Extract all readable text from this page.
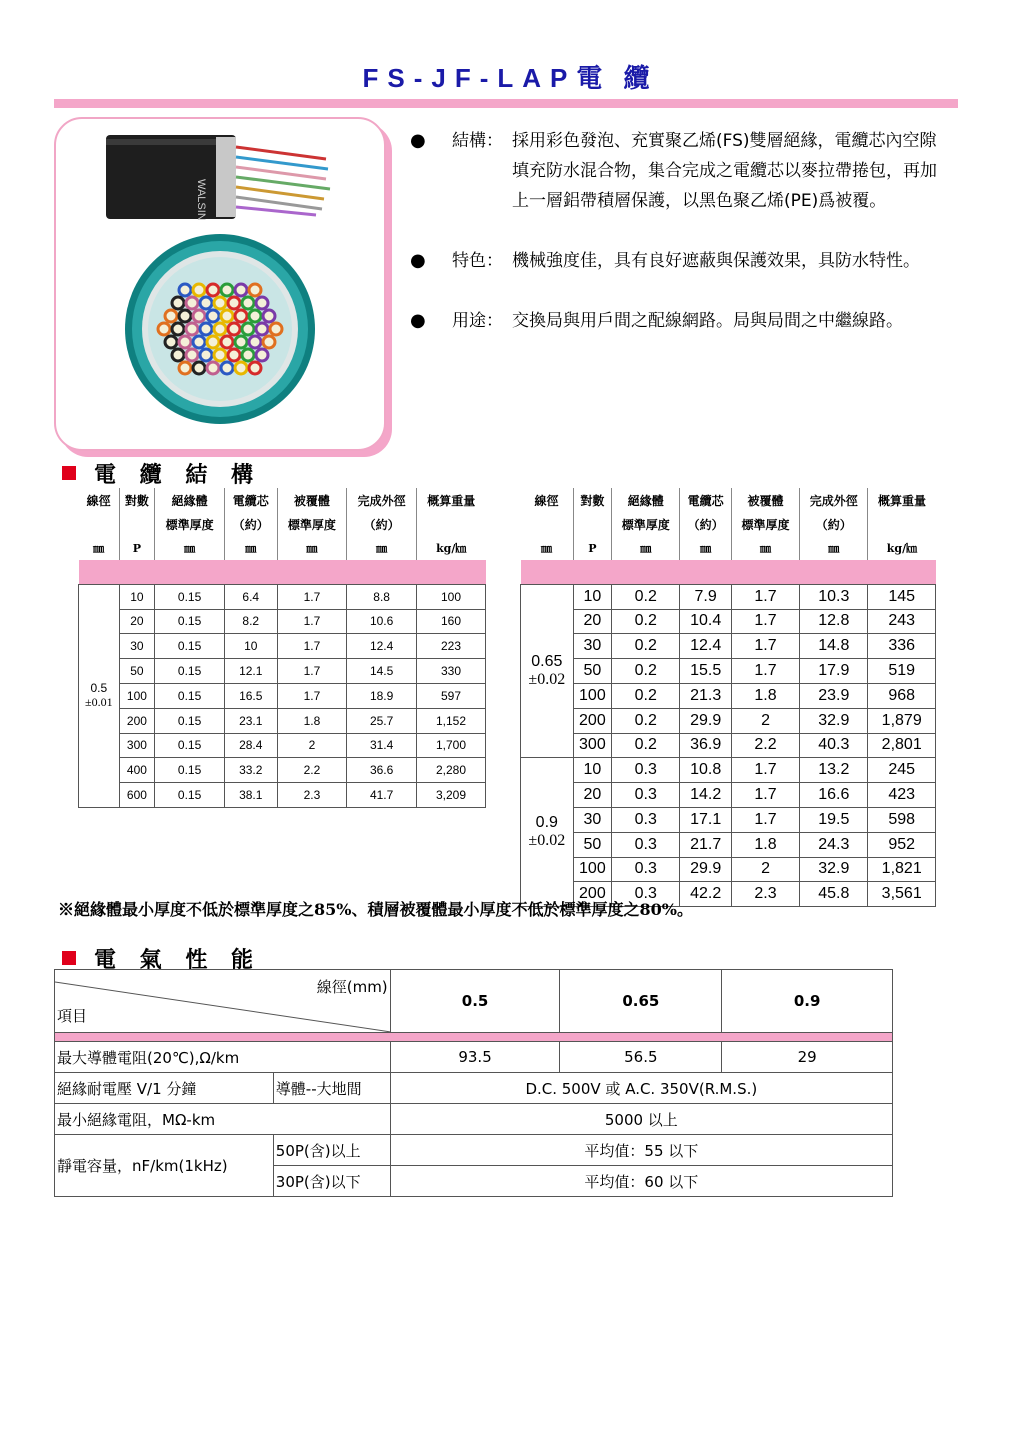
FS-JF-LAP電 纜
WALSIN
● 結構： 採用彩色發泡、充實聚乙烯(FS)雙層絕緣，電纜芯內空隙填充防水混合物，集合完成之電纜芯以麥拉帶捲包，再加上一層鋁帶積層保護，以黑色聚乙烯(PE)爲被覆。
● 特色： 機械強度佳，具有良好遮蔽與保護效果，具防水特性。
● 用途： 交換局與用戶間之配線網路。局與局間之中繼線路。
電 纜 結 構
線徑	對數	絕緣體	電纜芯	被覆體	完成外徑	概算重量
		標準厚度	（約）	標準厚度	（約）	
㎜	P	㎜	㎜	㎜	㎜	kg/㎞

0.5
±0.01	10	0.15	6.4	1.7	8.8	100
	20	0.15	8.2	1.7	10.6	160
	30	0.15	10	1.7	12.4	223
	50	0.15	12.1	1.7	14.5	330
	100	0.15	16.5	1.7	18.9	597
	200	0.15	23.1	1.8	25.7	1,152
	300	0.15	28.4	2	31.4	1,700
	400	0.15	33.2	2.2	36.6	2,280
	600	0.15	38.1	2.3	41.7	3,209
線徑	對數	絕緣體	電纜芯	被覆體	完成外徑	概算重量
		標準厚度	（約）	標準厚度	（約）	
㎜	P	㎜	㎜	㎜	㎜	kg/㎞

0.65
±0.02	10	0.2	7.9	1.7	10.3	145
	20	0.2	10.4	1.7	12.8	243
	30	0.2	12.4	1.7	14.8	336
	50	0.2	15.5	1.7	17.9	519
	100	0.2	21.3	1.8	23.9	968
	200	0.2	29.9	2	32.9	1,879
	300	0.2	36.9	2.2	40.3	2,801

0.9
±0.02	10	0.3	10.8	1.7	13.2	245
	20	0.3	14.2	1.7	16.6	423
	30	0.3	17.1	1.7	19.5	598
	50	0.3	21.7	1.8	24.3	952
	100	0.3	29.9	2	32.9	1,821
	200	0.3	42.2	2.3	45.8	3,561
※絕緣體最小厚度不低於標準厚度之85%、積層被覆體最小厚度不低於標準厚度之80%。
電 氣 性 能
線徑(mm)
項目		0.5	0.65	0.9

最大導體電阻(20℃),Ω/km		93.5	56.5	29
絕緣耐電壓 V/1 分鐘	導體--大地間	D.C. 500V 或 A.C. 350V(R.M.S.)		
最小絕緣電阻，MΩ-km		5000 以上		
靜電容量，nF/km(1kHz)	50P(含)以上	平均值：55 以下		
	30P(含)以下	平均值：60 以下		
